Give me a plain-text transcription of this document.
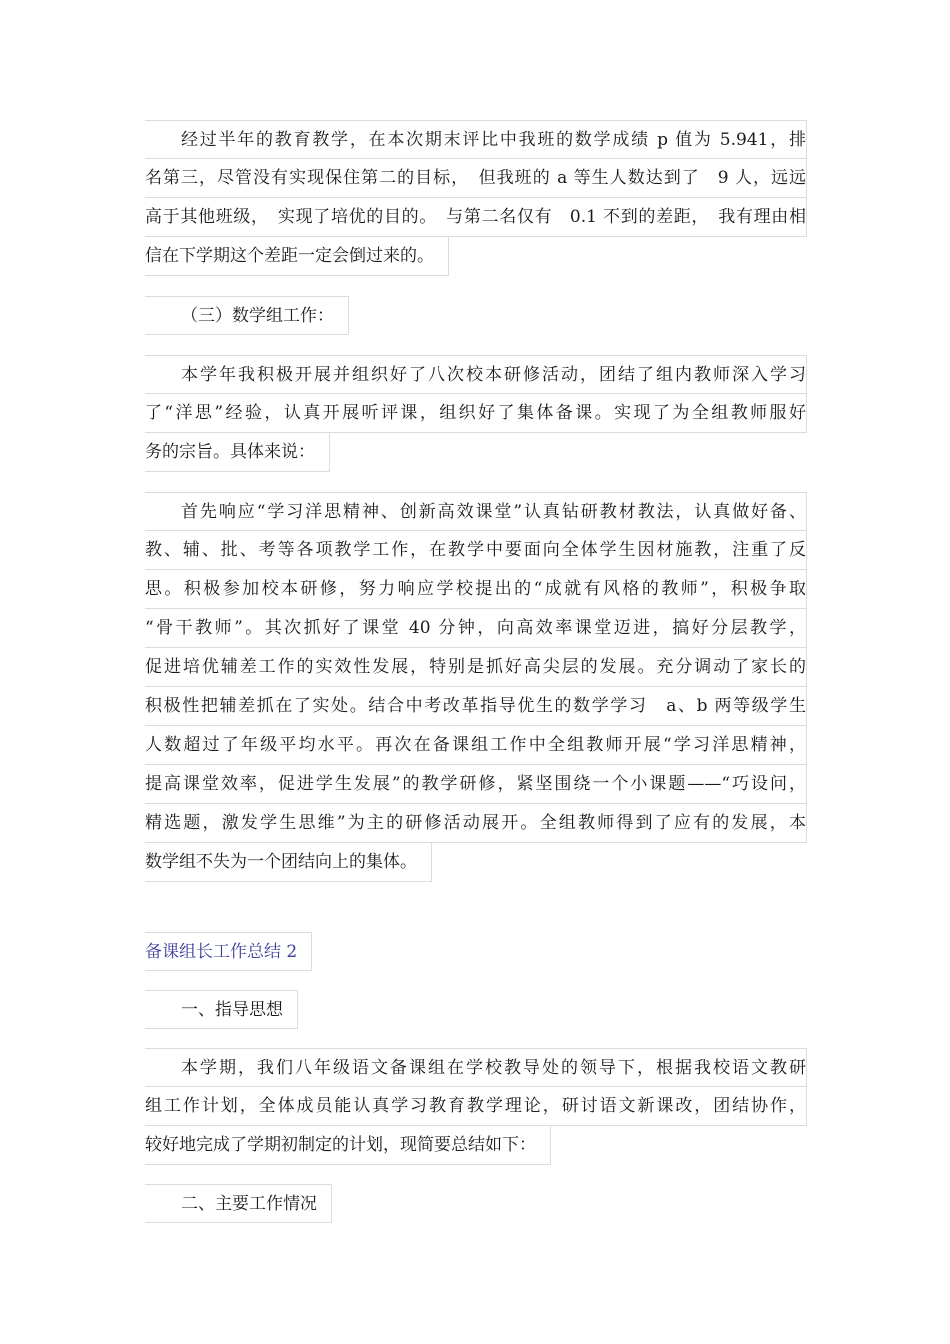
经过半年的教育教学，在本次期末评比中我班的数学成绩 p 值为 5.941，排
名第三，尽管没有实现保住第二的目标，　但我班的 a 等生人数达到了　9 人，远远
高于其他班级，　实现了培优的目的。　与第二名仅有　0.1 不到的差距，　我有理由相
信在下学期这个差距一定会倒过来的。
（三）数学组工作：
本学年我积极开展并组织好了八次校本研修活动，团结了组内教师深入学习
了“洋思”经验，认真开展听评课，组织好了集体备课。实现了为全组教师服好
务的宗旨。具体来说：
首先响应“学习洋思精神、创新高效课堂”认真钻研教材教法，认真做好备、
教、辅、批、考等各项教学工作，在教学中要面向全体学生因材施教，注重了反
思。积极参加校本研修，努力响应学校提出的“成就有风格的教师”，积极争取
“骨干教师”。其次抓好了课堂 40 分钟，向高效率课堂迈进，搞好分层教学，
促进培优辅差工作的实效性发展，特别是抓好高尖层的发展。充分调动了家长的
积极性把辅差抓在了实处。结合中考改革指导优生的数学学习　a、b 两等级学生
人数超过了年级平均水平。再次在备课组工作中全组教师开展“学习洋思精神，
提高课堂效率，促进学生发展”的教学研修，紧坚围绕一个小课题——“巧设问，
精选题，激发学生思维”为主的研修活动展开。全组教师得到了应有的发展，本
数学组不失为一个团结向上的集体。
备课组长工作总结 2
一、指导思想
本学期，我们八年级语文备课组在学校教导处的领导下，根据我校语文教研
组工作计划，全体成员能认真学习教育教学理论，研讨语文新课改，团结协作，
较好地完成了学期初制定的计划，现简要总结如下：
二、主要工作情况
